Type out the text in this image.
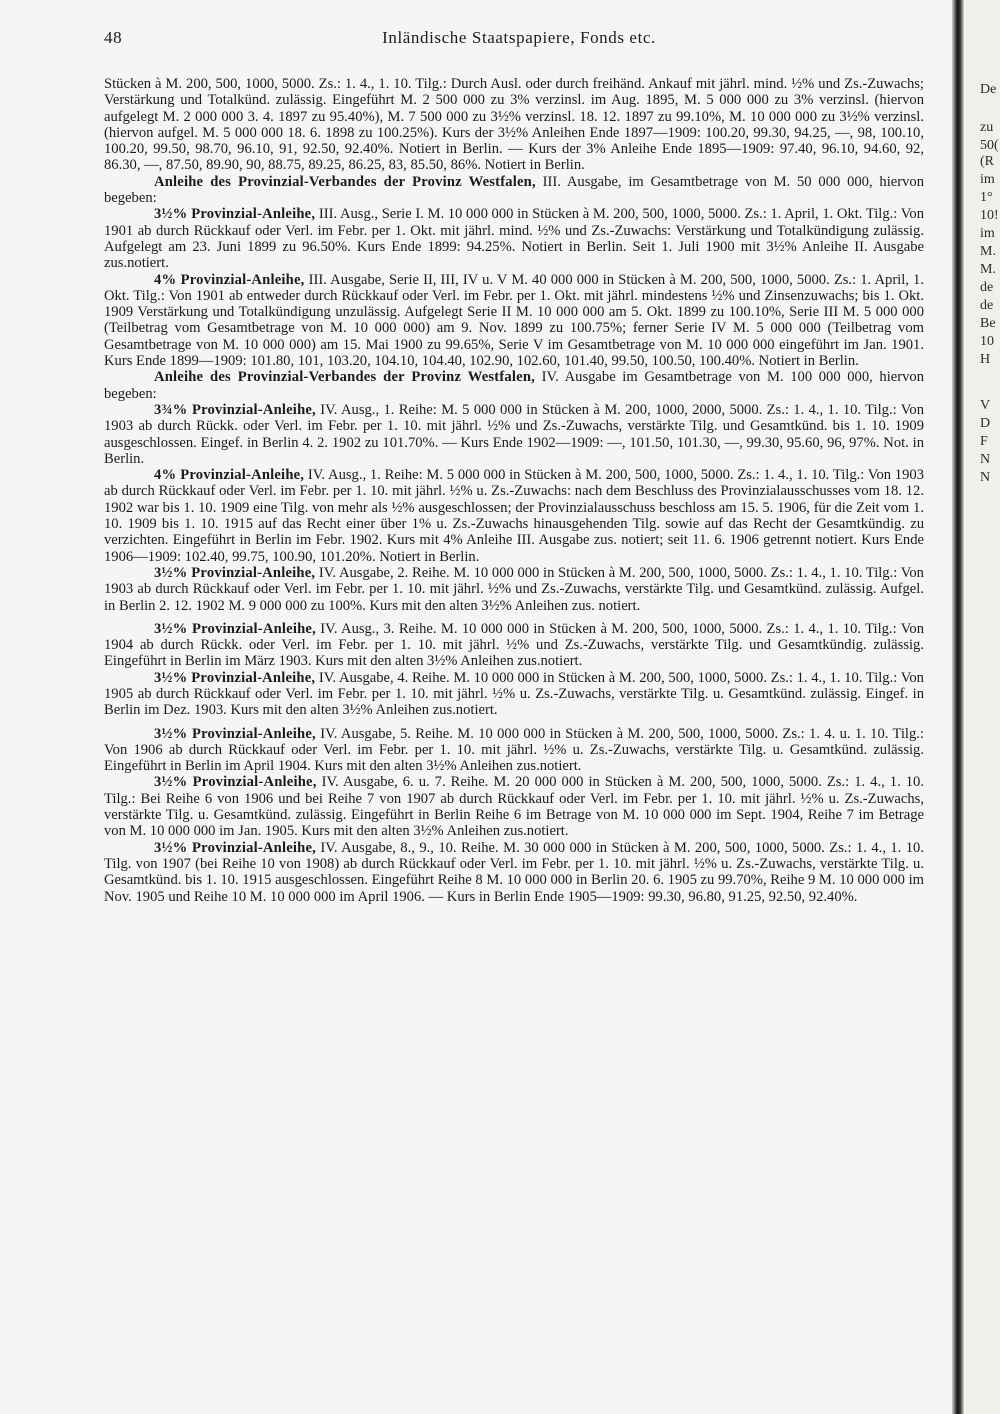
48	Inländische Staatspapiere, Fonds etc.

Stücken à M. 200, 500, 1000, 5000. Zs.: 1. 4., 1. 10. Tilg.: Durch Ausl. oder durch freihänd. Ankauf mit jährl. mind. ½% und Zs.-Zuwachs; Verstärkung und Totalkünd. zulässig. Eingeführt M. 2 500 000 zu 3% verzinsl. im Aug. 1895, M. 5 000 000 zu 3% verzinsl. (hiervon aufgelegt M. 2 000 000 3. 4. 1897 zu 95.40%), M. 7 500 000 zu 3½% verzinsl. 18. 12. 1897 zu 99.10%, M. 10 000 000 zu 3½% verzinsl. (hiervon aufgel. M. 5 000 000 18. 6. 1898 zu 100.25%). Kurs der 3½% Anleihen Ende 1897—1909: 100.20, 99.30, 94.25, —, 98, 100.10, 100.20, 99.50, 98.70, 96.10, 91, 92.50, 92.40%. Notiert in Berlin. — Kurs der 3% Anleihe Ende 1895—1909: 97.40, 96.10, 94.60, 92, 86.30, —, 87.50, 89.90, 90, 88.75, 89.25, 86.25, 83, 85.50, 86%. Notiert in Berlin.

Anleihe des Provinzial-Verbandes der Provinz Westfalen, III. Ausgabe, im Gesamtbetrage von M. 50 000 000, hiervon begeben:

3½% Provinzial-Anleihe, III. Ausg., Serie I. M. 10 000 000 in Stücken à M. 200, 500, 1000, 5000. Zs.: 1. April, 1. Okt. Tilg.: Von 1901 ab durch Rückkauf oder Verl. im Febr. per 1. Okt. mit jährl. mind. ½% und Zs.-Zuwachs: Verstärkung und Totalkündigung zulässig. Aufgelegt am 23. Juni 1899 zu 96.50%. Kurs Ende 1899: 94.25%. Notiert in Berlin. Seit 1. Juli 1900 mit 3½% Anleihe II. Ausgabe zus.notiert.

4% Provinzial-Anleihe, III. Ausgabe, Serie II, III, IV u. V M. 40 000 000 in Stücken à M. 200, 500, 1000, 5000. Zs.: 1. April, 1. Okt. Tilg.: Von 1901 ab entweder durch Rückkauf oder Verl. im Febr. per 1. Okt. mit jährl. mindestens ½% und Zinsenzuwachs; bis 1. Okt. 1909 Verstärkung und Totalkündigung unzulässig. Aufgelegt Serie II M. 10 000 000 am 5. Okt. 1899 zu 100.10%, Serie III M. 5 000 000 (Teilbetrag vom Gesamtbetrage von M. 10 000 000) am 9. Nov. 1899 zu 100.75%; ferner Serie IV M. 5 000 000 (Teilbetrag vom Gesamtbetrage von M. 10 000 000) am 15. Mai 1900 zu 99.65%, Serie V im Gesamtbetrage von M. 10 000 000 eingeführt im Jan. 1901. Kurs Ende 1899—1909: 101.80, 101, 103.20, 104.10, 104.40, 102.90, 102.60, 101.40, 99.50, 100.50, 100.40%. Notiert in Berlin.

Anleihe des Provinzial-Verbandes der Provinz Westfalen, IV. Ausgabe im Gesamtbetrage von M. 100 000 000, hiervon begeben:

3¾% Provinzial-Anleihe, IV. Ausg., 1. Reihe: M. 5 000 000 in Stücken à M. 200, 1000, 2000, 5000. Zs.: 1. 4., 1. 10. Tilg.: Von 1903 ab durch Rückk. oder Verl. im Febr. per 1. 10. mit jährl. ½% und Zs.-Zuwachs, verstärkte Tilg. und Gesamtkünd. bis 1. 10. 1909 ausgeschlossen. Eingef. in Berlin 4. 2. 1902 zu 101.70%. — Kurs Ende 1902—1909: —, 101.50, 101.30, —, 99.30, 95.60, 96, 97%. Not. in Berlin.

4% Provinzial-Anleihe, IV. Ausg., 1. Reihe: M. 5 000 000 in Stücken à M. 200, 500, 1000, 5000. Zs.: 1. 4., 1. 10. Tilg.: Von 1903 ab durch Rückkauf oder Verl. im Febr. per 1. 10. mit jährl. ½% u. Zs.-Zuwachs: nach dem Beschluss des Provinzialausschusses vom 18. 12. 1902 war bis 1. 10. 1909 eine Tilg. von mehr als ½% ausgeschlossen; der Provinzialausschuss beschloss am 15. 5. 1906, für die Zeit vom 1. 10. 1909 bis 1. 10. 1915 auf das Recht einer über 1% u. Zs.-Zuwachs hinausgehenden Tilg. sowie auf das Recht der Gesamtkündig. zu verzichten. Eingeführt in Berlin im Febr. 1902. Kurs mit 4% Anleihe III. Ausgabe zus. notiert; seit 11. 6. 1906 getrennt notiert. Kurs Ende 1906—1909: 102.40, 99.75, 100.90, 101.20%. Notiert in Berlin.

3½% Provinzial-Anleihe, IV. Ausgabe, 2. Reihe. M. 10 000 000 in Stücken à M. 200, 500, 1000, 5000. Zs.: 1. 4., 1. 10. Tilg.: Von 1903 ab durch Rückkauf oder Verl. im Febr. per 1. 10. mit jährl. ½% und Zs.-Zuwachs, verstärkte Tilg. und Gesamtkünd. zulässig. Aufgel. in Berlin 2. 12. 1902 M. 9 000 000 zu 100%. Kurs mit den alten 3½% Anleihen zus. notiert.

3½% Provinzial-Anleihe, IV. Ausg., 3. Reihe. M. 10 000 000 in Stücken à M. 200, 500, 1000, 5000. Zs.: 1. 4., 1. 10. Tilg.: Von 1904 ab durch Rückk. oder Verl. im Febr. per 1. 10. mit jährl. ½% und Zs.-Zuwachs, verstärkte Tilg. und Gesamtkündig. zulässig. Eingeführt in Berlin im März 1903. Kurs mit den alten 3½% Anleihen zus.notiert.

3½% Provinzial-Anleihe, IV. Ausgabe, 4. Reihe. M. 10 000 000 in Stücken à M. 200, 500, 1000, 5000. Zs.: 1. 4., 1. 10. Tilg.: Von 1905 ab durch Rückkauf oder Verl. im Febr. per 1. 10. mit jährl. ½% u. Zs.-Zuwachs, verstärkte Tilg. u. Gesamtkünd. zulässig. Eingef. in Berlin im Dez. 1903. Kurs mit den alten 3½% Anleihen zus.notiert.

3½% Provinzial-Anleihe, IV. Ausgabe, 5. Reihe. M. 10 000 000 in Stücken à M. 200, 500, 1000, 5000. Zs.: 1. 4. u. 1. 10. Tilg.: Von 1906 ab durch Rückkauf oder Verl. im Febr. per 1. 10. mit jährl. ½% u. Zs.-Zuwachs, verstärkte Tilg. u. Gesamtkünd. zulässig. Eingeführt in Berlin im April 1904. Kurs mit den alten 3½% Anleihen zus.notiert.

3½% Provinzial-Anleihe, IV. Ausgabe, 6. u. 7. Reihe. M. 20 000 000 in Stücken à M. 200, 500, 1000, 5000. Zs.: 1. 4., 1. 10. Tilg.: Bei Reihe 6 von 1906 und bei Reihe 7 von 1907 ab durch Rückkauf oder Verl. im Febr. per 1. 10. mit jährl. ½% u. Zs.-Zuwachs, verstärkte Tilg. u. Gesamtkünd. zulässig. Eingeführt in Berlin Reihe 6 im Betrage von M. 10 000 000 im Sept. 1904, Reihe 7 im Betrage von M. 10 000 000 im Jan. 1905. Kurs mit den alten 3½% Anleihen zus.notiert.

3½% Provinzial-Anleihe, IV. Ausgabe, 8., 9., 10. Reihe. M. 30 000 000 in Stücken à M. 200, 500, 1000, 5000. Zs.: 1. 4., 1. 10. Tilg. von 1907 (bei Reihe 10 von 1908) ab durch Rückkauf oder Verl. im Febr. per 1. 10. mit jährl. ½% u. Zs.-Zuwachs, verstärkte Tilg. u. Gesamtkünd. bis 1. 10. 1915 ausgeschlossen. Eingeführt Reihe 8 M. 10 000 000 in Berlin 20. 6. 1905 zu 99.70%, Reihe 9 M. 10 000 000 im Nov. 1905 und Reihe 10 M. 10 000 000 im April 1906. — Kurs in Berlin Ende 1905—1909: 99.30, 96.80, 91.25, 92.50, 92.40%.

De
zu
50(
(R
im
1°
10!
im
M.
M.
de
de
Be
10
H
V
D
F
N
N
